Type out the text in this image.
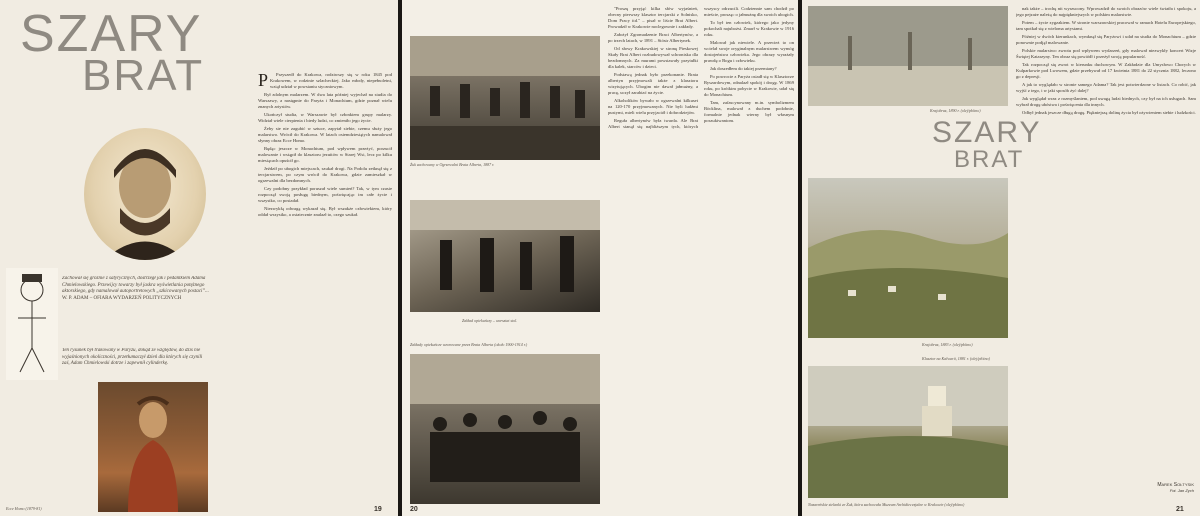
SZARY
BRAT
Zachował się groźnie z satyrycznych, dostrzegł jak i pedantkiem Adama Chmielowskiego. Przewijcy towarzy był jaskra wyświetlania potężnego aktorskiego, gdy namalował autoportretowych „szkicowanych postaci”... W. P. ADAM – OFIARA WYDARZEŃ POLITYCZNYCH
Ten rysunek był trakowany w Paryżu, dokąd ze względów, do dziś nie wyjaśnionych okoliczności, przetłumaczył dzień dla których się czynili zaś, Adam Chmielowski dotrze i zapewnił cylinderkę.
Ecce Homo (1879-81)
P	Przyszedł do Krakowa, rodziwszy się w roku 1845 pod Krakowem, w rodzinie szlacheckiej. Jako młody, niepełnoletni, wziął udział w powstaniu styczniowym.

Był zdolnym malarzem. W dwa lata później wyjechał na studia do Warszawy, a następnie do Paryża i Monachium, gdzie poznał wielu znanych artystów.

Ukończył studia, w Warszawie był członkiem grupy malarzy. Widział wiele cierpienia i biedy ludzi, co zmieniło jego życie.

Żeby sie nie zagubić w sztuce, zapytał siebie, czemu służy jego malarstwo. Wrócił do Krakowa. W latach osiemdziesiątych namalował słynny obraz Ecce Homo.

Będąc jeszcze w Monachium, pod wpływem przeżyć, porzucił malowanie i wstąpił do klasztoru jezuitów w Starej Wsi, lecz po kilku miesiącach opuścił go.

Jeździł po ubogich miejscach, szukał drogi. Na Podolu zetknął się z tercjarstwem, po czym wrócił do Krakowa, gdzie zamieszkał w ogrzewalni dla bezdomnych.

Czy podobny przykład poruszał wiele sumień? Tak, w tym czasie rozpoczął swoją posługę biednym, poświęcając im całe życie i wszystko, co posiadał.

Niezwykłą odwagą wykazał się. Był wszakże człowiekiem, który oddał wszystko, a ostatecznie znalazł to, czego szukał.

19
Żuk zachowany w Ogrzewalni Brata Alberta, 1887 r.
Zakład opiekuńczy – warsztat stol.
Zakłady opiekuńcze wzorowane przez Brata Alberta (około 1900-1914 r.)
20

"Proszę przyjąć kilka słów wyjaśnień, obecny pierwszy klasztor tercjarski z Solnisko, Dom Pracy itd." – pisał w liście Brat Albert. Prowadził w Krakowie noclegownie i zakłady.

Założył Zgromadzenie Braci Albertynów, a po trzech latach, w 1891 – Sióstr Albertynek.

Od słowy Krakowskiej w stronę Pieskowej Skały Brat Albert rozbudowywał schroniska dla bezdomnych. Za murami powstawały przytułki dla kalek, starców i dzieci.

Podstawą jednak było przekonanie. Brata albertyn przyjmowali także z klasztoru wizytujących. Ubogim nie dawał jałmużny, a pracę, uczył zarabiać na życie.

Alkoholików bywało w ogrzewalni kilkuset na 120-170 przyjmowanych. Nie byli ludźmi pustymi, mieli wielu przyjaciół i dobrodziejów.

Reguła albertynów była twarda. Ale Brat Albert stanął się najbliższym tych, których wszyscy odrzucili. Codziennie sam chodził po mieście, prosząc o jałmużnę dla swoich ubogich.

To był ten człowiek, którego jako jedyny pokochali najubożsi. Zmarł w Krakowie w 1916 roku.

Malował jak niewiele. A przecież to on wcielał swoje oryginalnym malarstwem wymóg dostojeństwa człowieka. Jego obrazy wyrażały prawdę o Bogu i człowieku.

Jak doszedłem do takiej przemiany?

Po powrocie z Paryża osiadł się w Klasztorze Ryszardowym, odnalazł spokój i drogę. W 1869 roku, po krótkim pobycie w Krakowie, udał się do Monachium.

Tam, zafascynowany m.in. symbolizmem Böcklina, malował z duchem podobnie, formalnie jednak wierny był własnym poszukiwaniom.

Krajobraz, 1890 r. (olej/płótno)
SZARY
BRAT
Krajobraz, 1883 r. (olej/płótno)
Klasztor na Kalwarii, 1881 r. (olej/płótno)
Nazareńskie sielanki ze Żuk, która zachowała Muzeum Archidiecezjalne w Krakowie (olej/płótno)

nak także – trochę nit wyrzucony. Wprowadził do swoich obrazów wiele światła i spokoju, a jego pejzaże należą do najpiękniejszych w polskim malarstwie.

Potem – życie zygzakiem. W stronie warszawskiej pracował w ramach Hotelu Europejskiego, tam spotkał się z wieloma artystami.

Później w dwóch kierunkach, wymknął się Paryżowi i udał na studia do Monachium – gdzie ponownie podjął malowanie.

Polskie malarstwo zwrotu pod wpływem wydarzeń, gdy malował niezwykły koncert Wizje Świętej Katarzyny. Ten obraz się powiódł i przeżył swoją popularność.

Tak rozpoczął się zwrot w kierunku duchowym. W Zakładzie dla Umysłowo Chorych w Kulparkowie pod Lwowem, gdzie przebywał od 17 kwietnia 1881 do 22 stycznia 1882, leczono go z depresji.

A jak to wyglądało w stronie samego Adama? Tak jest potwierdzone w listach. Co robić, jak wyjść z tego, i w jaki sposób żyć dalej?

Jak wyglądał wraz z rozmyślaniem, pod uwagą ludzi biednych, czy był na ich usługach. Sam wybrał drogę ubóstwa i poświęcenia dla innych.

Odbył jednak jeszcze długą drogę. Piękniejszą dolinę życia był ożywieniem siebie i ludzkości.

Marek Sołtysik
Fot. Jan Zych
21
